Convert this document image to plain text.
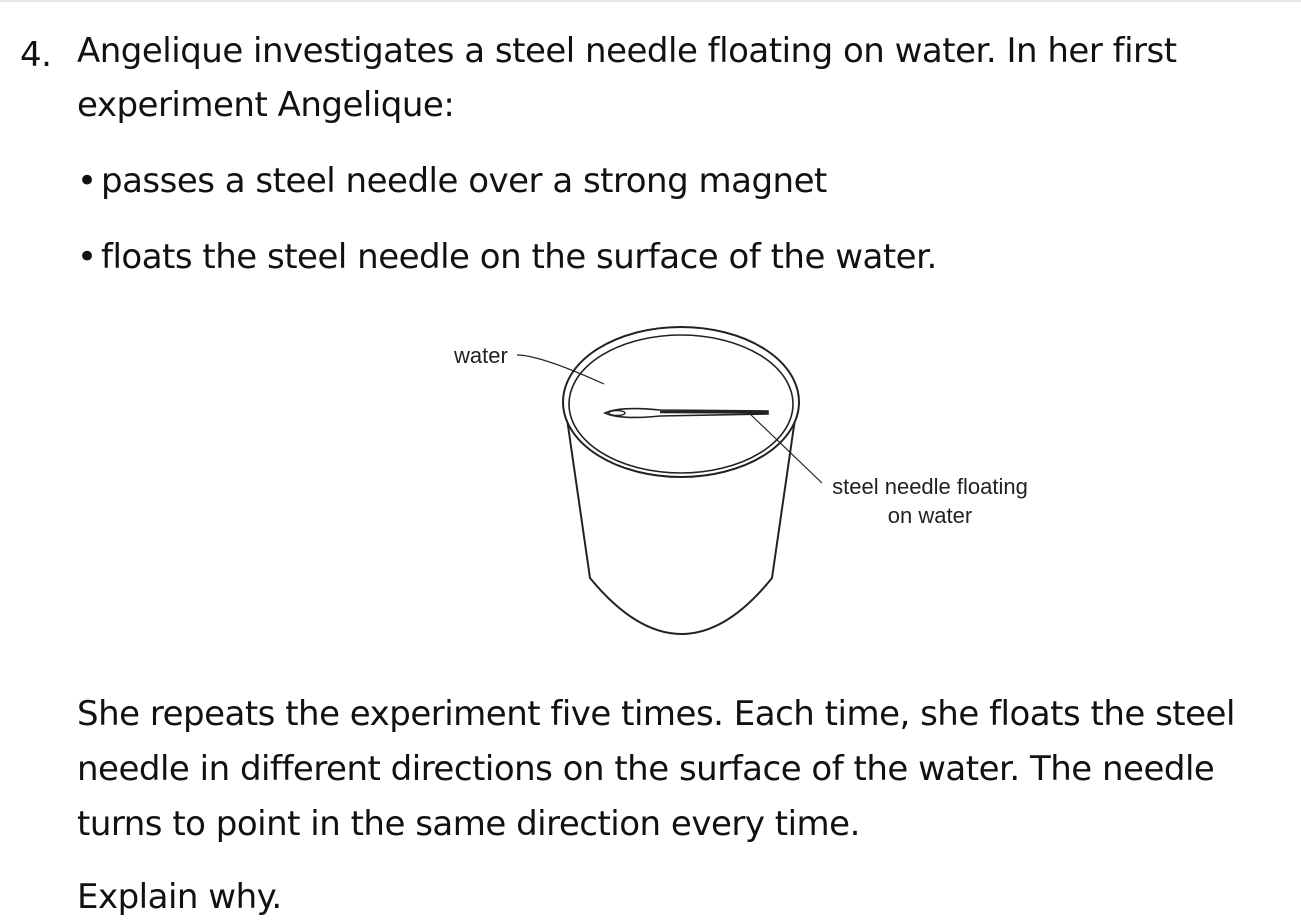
4. Angelique investigates a steel needle floating on water. In her first
experiment Angelique:
• passes a steel needle over a strong magnet
• floats the steel needle on the surface of the water.
water
steel needle floating
on water
She repeats the experiment five times. Each time, she floats the steel
needle in different directions on the surface of the water. The needle
turns to point in the same direction every time.
Explain why.
